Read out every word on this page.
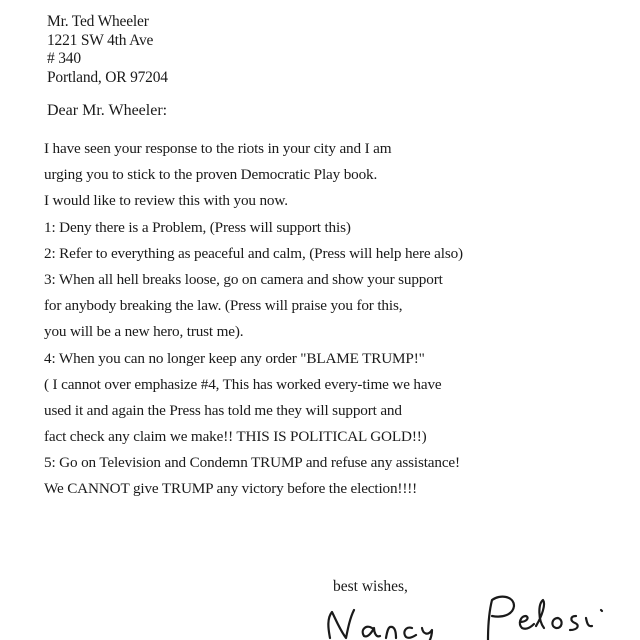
Mr. Ted Wheeler
1221 SW 4th Ave
# 340
Portland, OR 97204
Dear Mr. Wheeler:
I have seen your response to the riots in your city and I am
urging you to stick to the proven Democratic Play book.
I would like to review this with you now.
1: Deny there is a Problem, (Press will support this)
2: Refer to everything as peaceful and calm, (Press will help here also)
3: When all hell breaks loose, go on camera and show your support
for anybody breaking the law. (Press will praise you for this,
you will be a new hero, trust me).
4: When you can no longer keep any order "BLAME TRUMP!"
( I cannot over emphasize #4, This has worked every-time we have
used it and again the Press has told me they will support and
fact check any claim we make!! THIS IS POLITICAL GOLD!!)
5: Go on Television and Condemn TRUMP and refuse any assistance!
We CANNOT give TRUMP any victory before the election!!!!
best wishes,
